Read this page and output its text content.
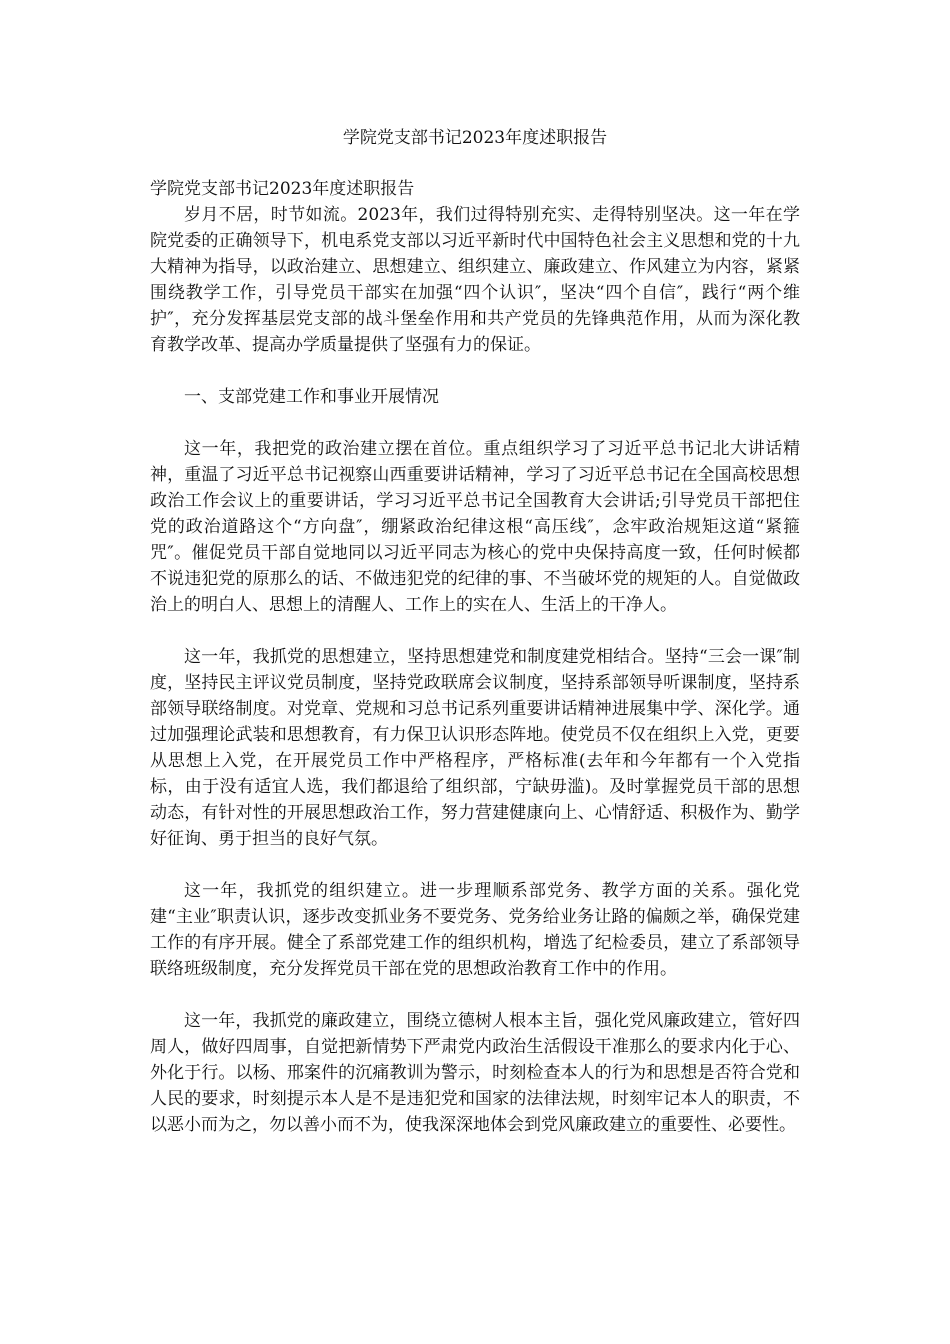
学院党支部书记2023年度述职报告

学院党支部书记2023年度述职报告

岁月不居，时节如流。2023年，我们过得特别充实、走得特别坚决。这一年在学院党委的正确领导下，机电系党支部以习近平新时代中国特色社会主义思想和党的十九大精神为指导，以政治建立、思想建立、组织建立、廉政建立、作风建立为内容，紧紧围绕教学工作，引导党员干部实在加强“四个认识″，坚决“四个自信″，践行“两个维护″，充分发挥基层党支部的战斗堡垒作用和共产党员的先锋典范作用，从而为深化教育教学改革、提高办学质量提供了坚强有力的保证。

一、支部党建工作和事业开展情况

这一年，我把党的政治建立摆在首位。重点组织学习了习近平总书记北大讲话精神，重温了习近平总书记视察山西重要讲话精神，学习了习近平总书记在全国高校思想政治工作会议上的重要讲话，学习习近平总书记全国教育大会讲话;引导党员干部把住党的政治道路这个“方向盘″，绷紧政治纪律这根“高压线″，念牢政治规矩这道“紧箍咒″。催促党员干部自觉地同以习近平同志为核心的党中央保持高度一致，任何时候都不说违犯党的原那么的话、不做违犯党的纪律的事、不当破坏党的规矩的人。自觉做政治上的明白人、思想上的清醒人、工作上的实在人、生活上的干净人。

这一年，我抓党的思想建立，坚持思想建党和制度建党相结合。坚持“三会一课″制度，坚持民主评议党员制度，坚持党政联席会议制度，坚持系部领导听课制度，坚持系部领导联络制度。对党章、党规和习总书记系列重要讲话精神进展集中学、深化学。通过加强理论武装和思想教育，有力保卫认识形态阵地。使党员不仅在组织上入党，更要从思想上入党，在开展党员工作中严格程序，严格标准(去年和今年都有一个入党指标，由于没有适宜人选，我们都退给了组织部，宁缺毋滥)。及时掌握党员干部的思想动态，有针对性的开展思想政治工作，努力营建健康向上、心情舒适、积极作为、勤学好征询、勇于担当的良好气氛。

这一年，我抓党的组织建立。进一步理顺系部党务、教学方面的关系。强化党建“主业″职责认识，逐步改变抓业务不要党务、党务给业务让路的偏颇之举，确保党建工作的有序开展。健全了系部党建工作的组织机构，增选了纪检委员，建立了系部领导联络班级制度，充分发挥党员干部在党的思想政治教育工作中的作用。

这一年，我抓党的廉政建立，围绕立德树人根本主旨，强化党风廉政建立，管好四周人，做好四周事，自觉把新情势下严肃党内政治生活假设干准那么的要求内化于心、外化于行。以杨、邢案件的沉痛教训为警示，时刻检查本人的行为和思想是否符合党和人民的要求，时刻提示本人是不是违犯党和国家的法律法规，时刻牢记本人的职责，不以恶小而为之，勿以善小而不为，使我深深地体会到党风廉政建立的重要性、必要性。
